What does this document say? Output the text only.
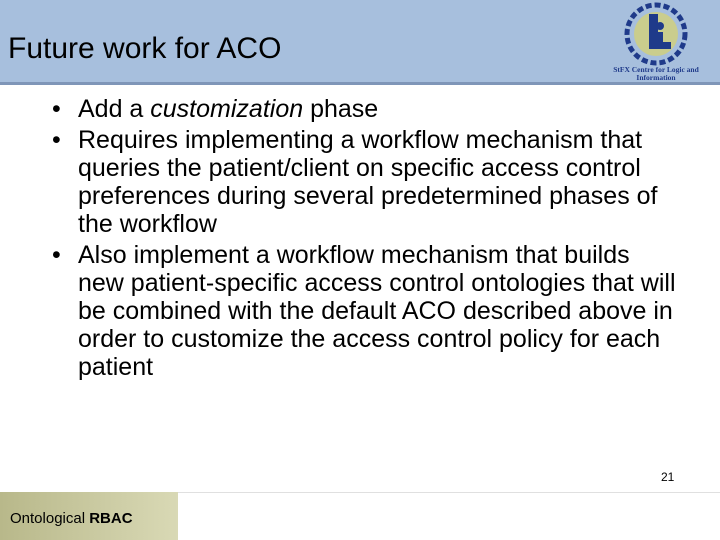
Future work for ACO
StFX Centre for Logic and Information
• Add a customization phase
• Requires implementing a workflow mechanism that queries the patient/client on specific access control preferences during several predetermined phases of the workflow
• Also implement a workflow mechanism that builds new patient-specific access control ontologies that will be combined with the default ACO described above in order to customize the access control policy for each patient
Ontological RBAC
21
